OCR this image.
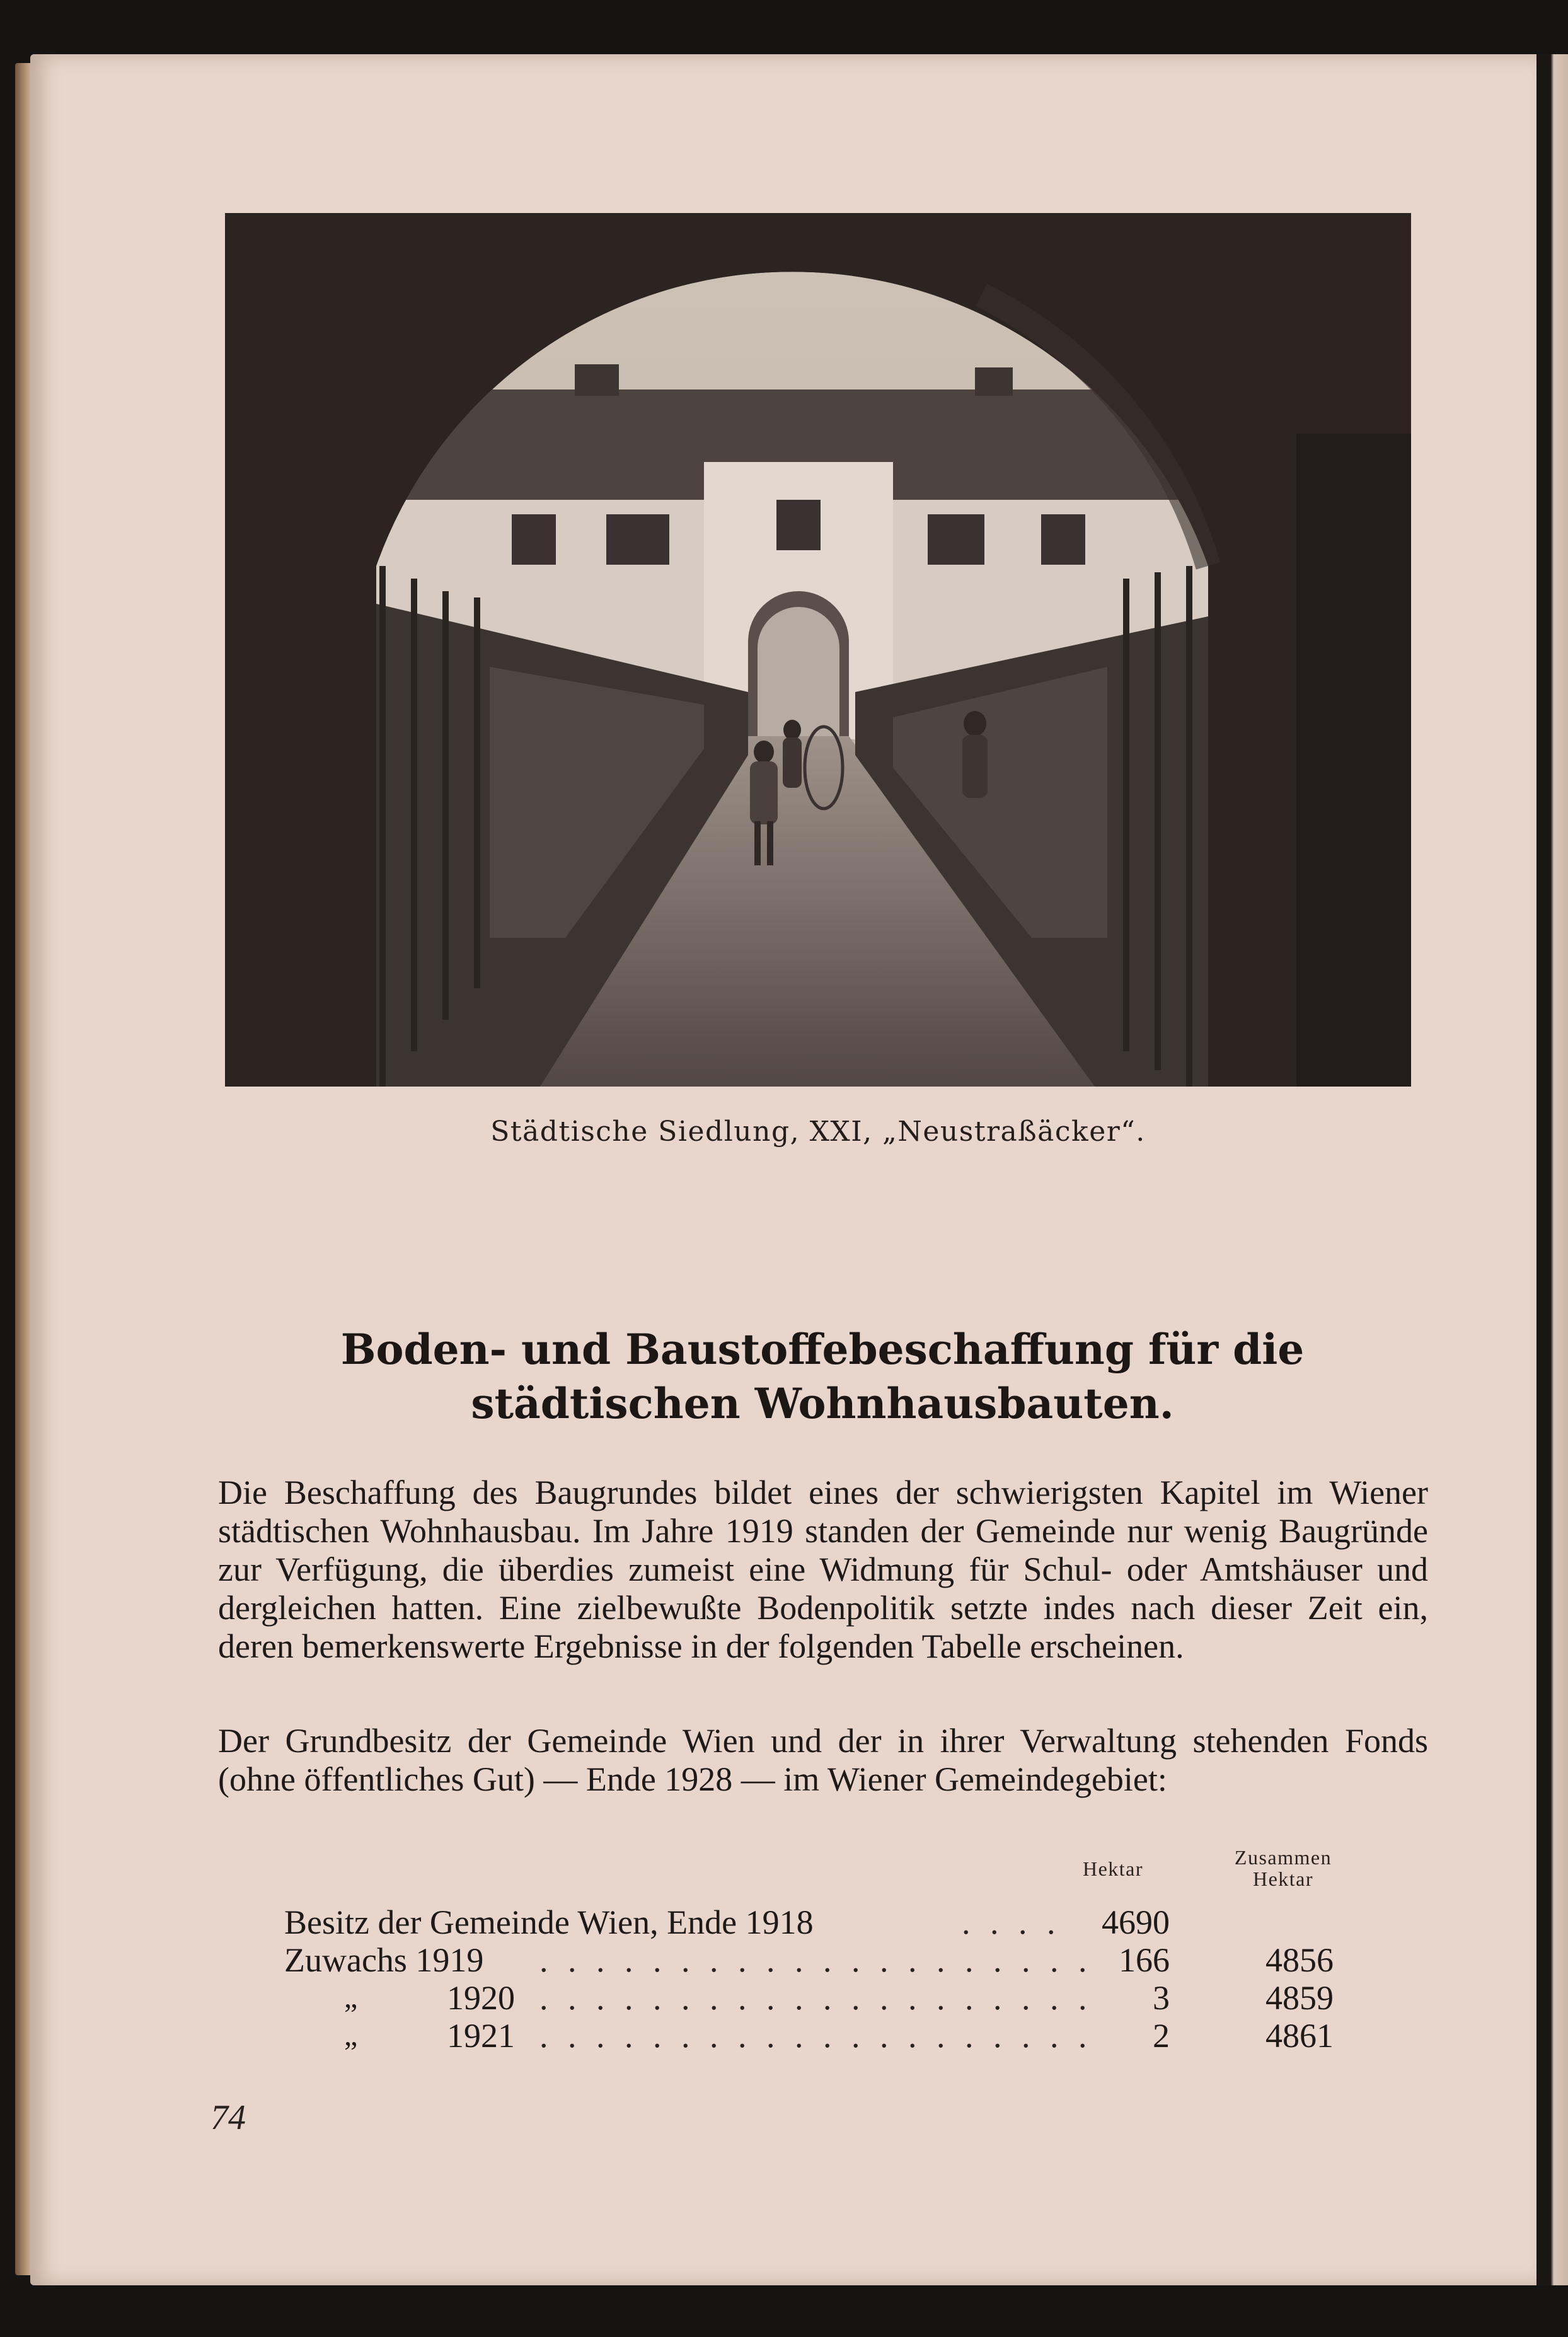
Städtische Siedlung, XXI, „Neustraßäcker“.
Boden- und Baustoffebeschaffung für die städtischen Wohnhausbauten.

Die Beschaffung des Baugrundes bildet eines der schwierigsten Kapitel im Wiener städtischen Wohnhausbau. Im Jahre 1919 standen der Gemeinde nur wenig Baugründe zur Verfügung, die überdies zumeist eine Widmung für Schul- oder Amtshäuser und dergleichen hatten. Eine zielbewußte Bodenpolitik setzte indes nach dieser Zeit ein, deren bemerkenswerte Ergebnisse in der folgenden Tabelle erscheinen.

Der Grundbesitz der Gemeinde Wien und der in ihrer Verwaltung stehenden Fonds (ohne öffentliches Gut) — Ende 1928 — im Wiener Gemeindegebiet:

Hektar	Zusammen
Hektar
Besitz der Gemeinde Wien, Ende 1918	. . . .	4690
Zuwachs 1919 . . . . . . . . . . . . . . . . . . . . 166	4856
„	1920 . . . . . . . . . . . . . . . . . . . .	3	4859
„	1921 . . . . . . . . . . . . . . . . . . . .	2	4861
74
